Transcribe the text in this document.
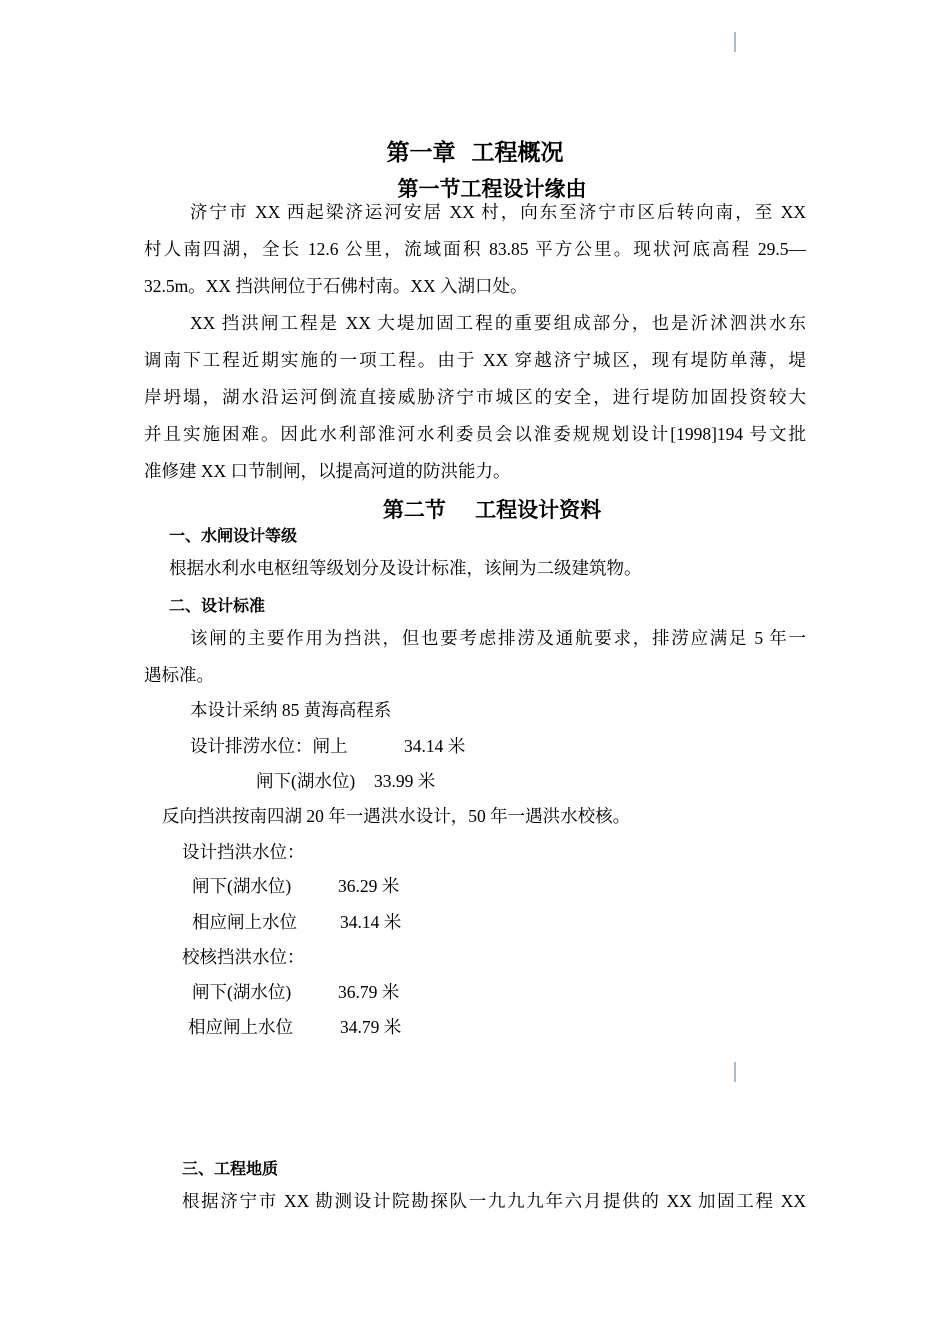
第一章  工程概况
第一节工程设计缘由
济宁市 XX 西起梁济运河安居 XX 村，向东至济宁市区后转向南，至 XX
村人南四湖，全长 12.6 公里，流域面积 83.85 平方公里。现状河底高程 29.5—
32.5m。XX 挡洪闸位于石佛村南。XX 入湖口处。
XX 挡洪闸工程是 XX 大堤加固工程的重要组成部分，也是沂沭泗洪水东
调南下工程近期实施的一项工程。由于 XX 穿越济宁城区，现有堤防单薄，堤
岸坍塌，湖水沿运河倒流直接威胁济宁市城区的安全，进行堤防加固投资较大
并且实施困难。因此水利部淮河水利委员会以淮委规规划设计[1998]194 号文批
准修建 XX 口节制闸，以提高河道的防洪能力。
第二节    工程设计资料
一、水闸设计等级
根据水利水电枢纽等级划分及设计标准，该闸为二级建筑物。
二、设计标准
该闸的主要作用为挡洪，但也要考虑排涝及通航要求，排涝应满足 5 年一
遇标准。
本设计采纳 85 黄海高程系
设计排涝水位：闸上	34.14 米
闸下(湖水位) 33.99 米
反向挡洪按南四湖 20 年一遇洪水设计，50 年一遇洪水校核。
设计挡洪水位：
闸下(湖水位)	36.29 米
相应闸上水位 34.14 米
校核挡洪水位：
闸下(湖水位)	36.79 米
相应闸上水位	34.79 米
三、工程地质
根据济宁市 XX 勘测设计院勘探队一九九九年六月提供的 XX 加固工程 XX
